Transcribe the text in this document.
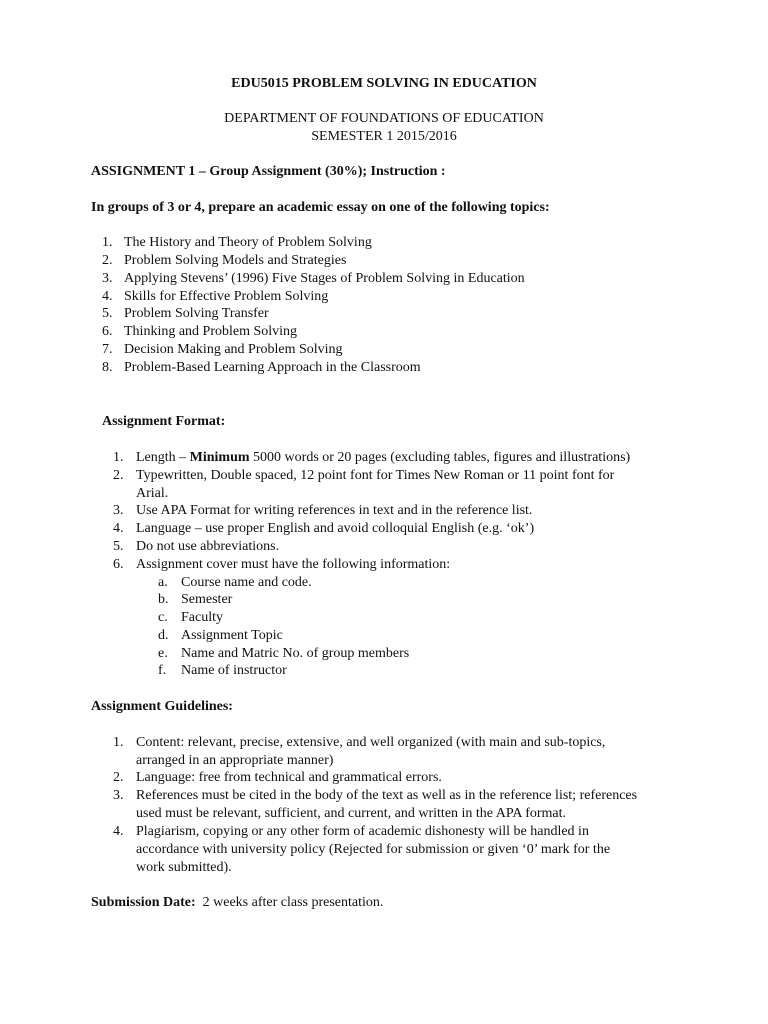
EDU5015 PROBLEM SOLVING IN EDUCATION
DEPARTMENT OF FOUNDATIONS OF EDUCATION
SEMESTER 1 2015/2016
ASSIGNMENT 1 – Group Assignment (30%); Instruction :
In groups of 3 or 4, prepare an academic essay on one of the following topics:
1. The History and Theory of Problem Solving
2. Problem Solving Models and Strategies
3. Applying Stevens’ (1996) Five Stages of Problem Solving in Education
4. Skills for Effective Problem Solving
5. Problem Solving Transfer
6. Thinking and Problem Solving
7. Decision Making and Problem Solving
8. Problem-Based Learning Approach in the Classroom
Assignment Format:
1. Length – Minimum 5000 words or 20 pages (excluding tables, figures and illustrations)
2. Typewritten, Double spaced, 12 point font for Times New Roman or 11 point font for
Arial.
3. Use APA Format for writing references in text and in the reference list.
4. Language – use proper English and avoid colloquial English (e.g. ‘ok’)
5. Do not use abbreviations.
6. Assignment cover must have the following information:
a. Course name and code.
b. Semester
c. Faculty
d. Assignment Topic
e. Name and Matric No. of group members
f. Name of instructor
Assignment Guidelines:
1. Content: relevant, precise, extensive, and well organized (with main and sub-topics,
arranged in an appropriate manner)
2. Language: free from technical and grammatical errors.
3. References must be cited in the body of the text as well as in the reference list; references
used must be relevant, sufficient, and current, and written in the APA format.
4. Plagiarism, copying or any other form of academic dishonesty will be handled in
accordance with university policy (Rejected for submission or given ‘0’ mark for the
work submitted).
Submission Date:  2 weeks after class presentation.
